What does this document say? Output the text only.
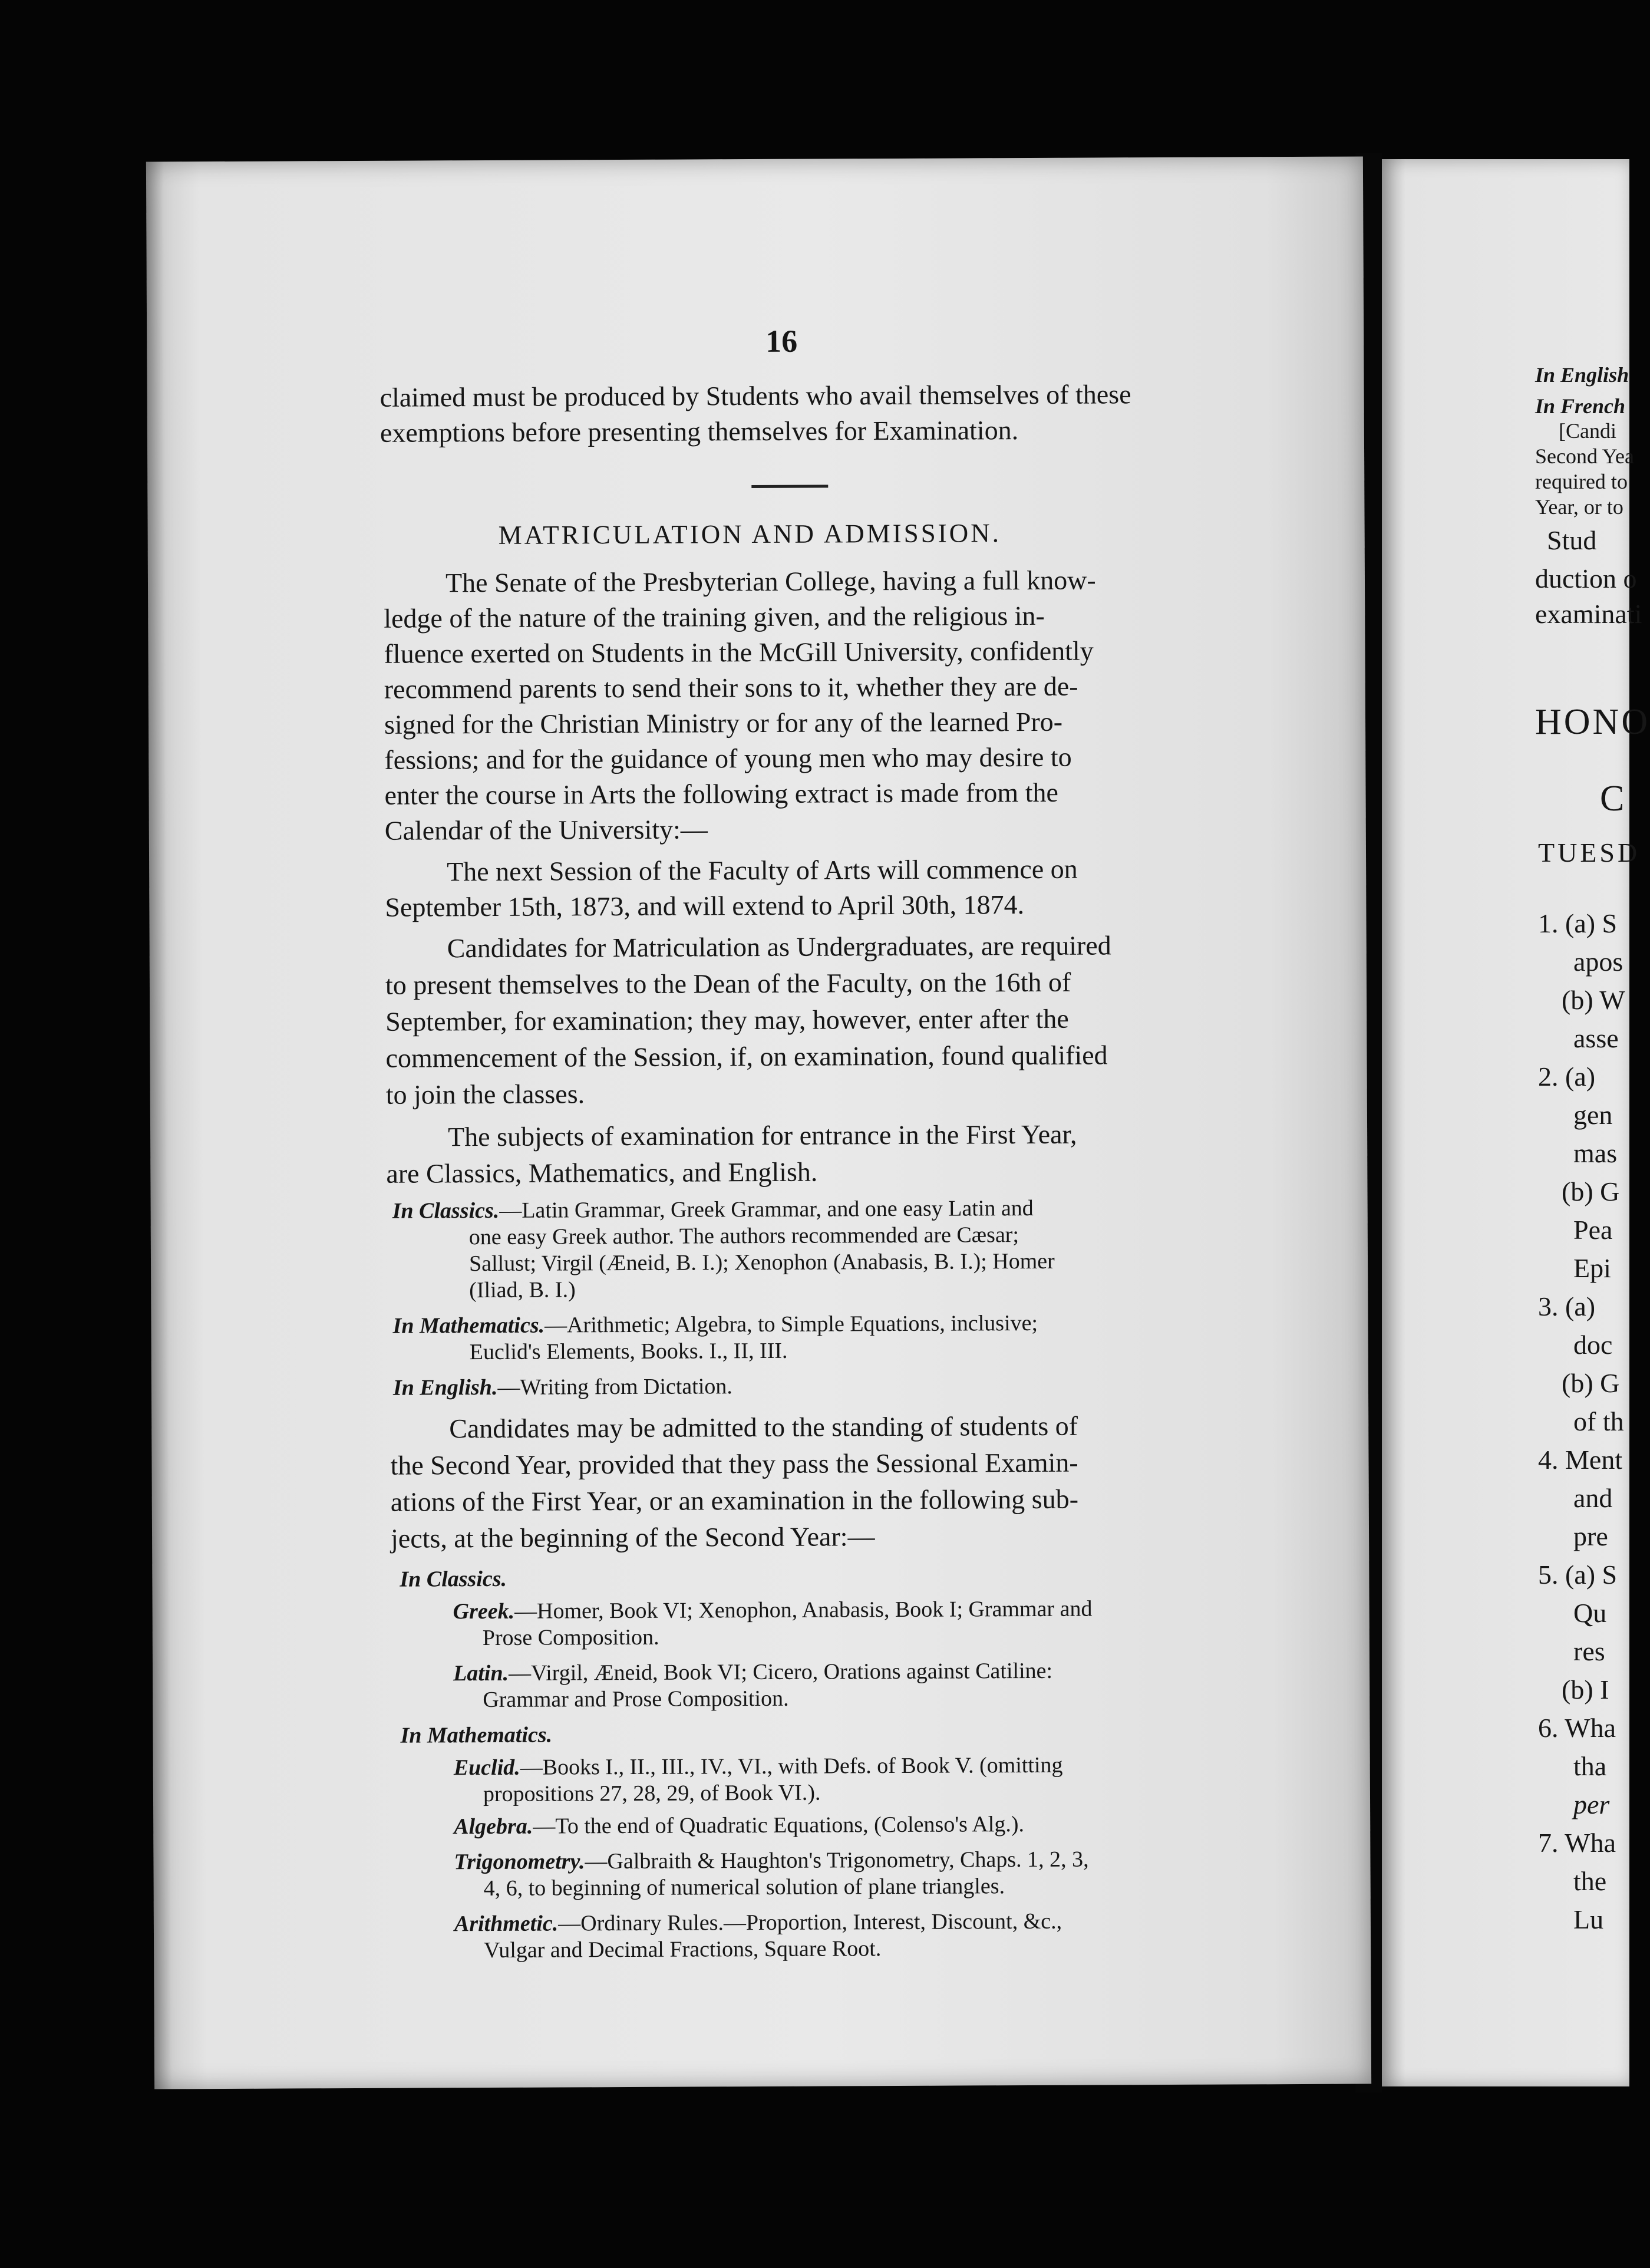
16
claimed must be produced by Students who avail themselves of these
exemptions before presenting themselves for Examination.
MATRICULATION AND ADMISSION.
The Senate of the Presbyterian College, having a full know-
ledge of the nature of the training given, and the religious in-
fluence exerted on Students in the McGill University, confidently
recommend parents to send their sons to it, whether they are de-
signed for the Christian Ministry or for any of the learned Pro-
fessions; and for the guidance of young men who may desire to
enter the course in Arts the following extract is made from the
Calendar of the University:—
The next Session of the Faculty of Arts will commence on
September 15th, 1873, and will extend to April 30th, 1874.
Candidates for Matriculation as Undergraduates, are required
to present themselves to the Dean of the Faculty, on the 16th of
September, for examination; they may, however, enter after the
commencement of the Session, if, on examination, found qualified
to join the classes.
The subjects of examination for entrance in the First Year,
are Classics, Mathematics, and English.
In Classics.—Latin Grammar, Greek Grammar, and one easy Latin and
one easy Greek author. The authors recommended are Cæsar;
Sallust; Virgil (Æneid, B. I.); Xenophon (Anabasis, B. I.); Homer
(Iliad, B. I.)
In Mathematics.—Arithmetic; Algebra, to Simple Equations, inclusive;
Euclid's Elements, Books. I., II, III.
In English.—Writing from Dictation.
Candidates may be admitted to the standing of students of
the Second Year, provided that they pass the Sessional Examin-
ations of the First Year, or an examination in the following sub-
jects, at the beginning of the Second Year:—
In Classics.
Greek.—Homer, Book VI; Xenophon, Anabasis, Book I; Grammar and
Prose Composition.
Latin.—Virgil, Æneid, Book VI; Cicero, Orations against Catiline:
Grammar and Prose Composition.
In Mathematics.
Euclid.—Books I., II., III., IV., VI., with Defs. of Book V. (omitting
propositions 27, 28, 29, of Book VI.).
Algebra.—To the end of Quadratic Equations, (Colenso's Alg.).
Trigonometry.—Galbraith & Haughton's Trigonometry, Chaps. 1, 2, 3,
4, 6, to beginning of numerical solution of plane triangles.
Arithmetic.—Ordinary Rules.—Proportion, Interest, Discount, &c.,
Vulgar and Decimal Fractions, Square Root.
In English
In French
[Candi
Second Yea
required to
Year, or to
Stud
duction o
examinati
HONO
C
TUESD
1. (a) S
apos
(b) W
asse
2. (a)
gen
mas
(b) G
Pea
Epi
3. (a)
doc
(b) G
of th
4. Ment
and
pre
5. (a) S
Qu
res
(b) I
6. Wha
tha
per
7. Wha
the
Lu
